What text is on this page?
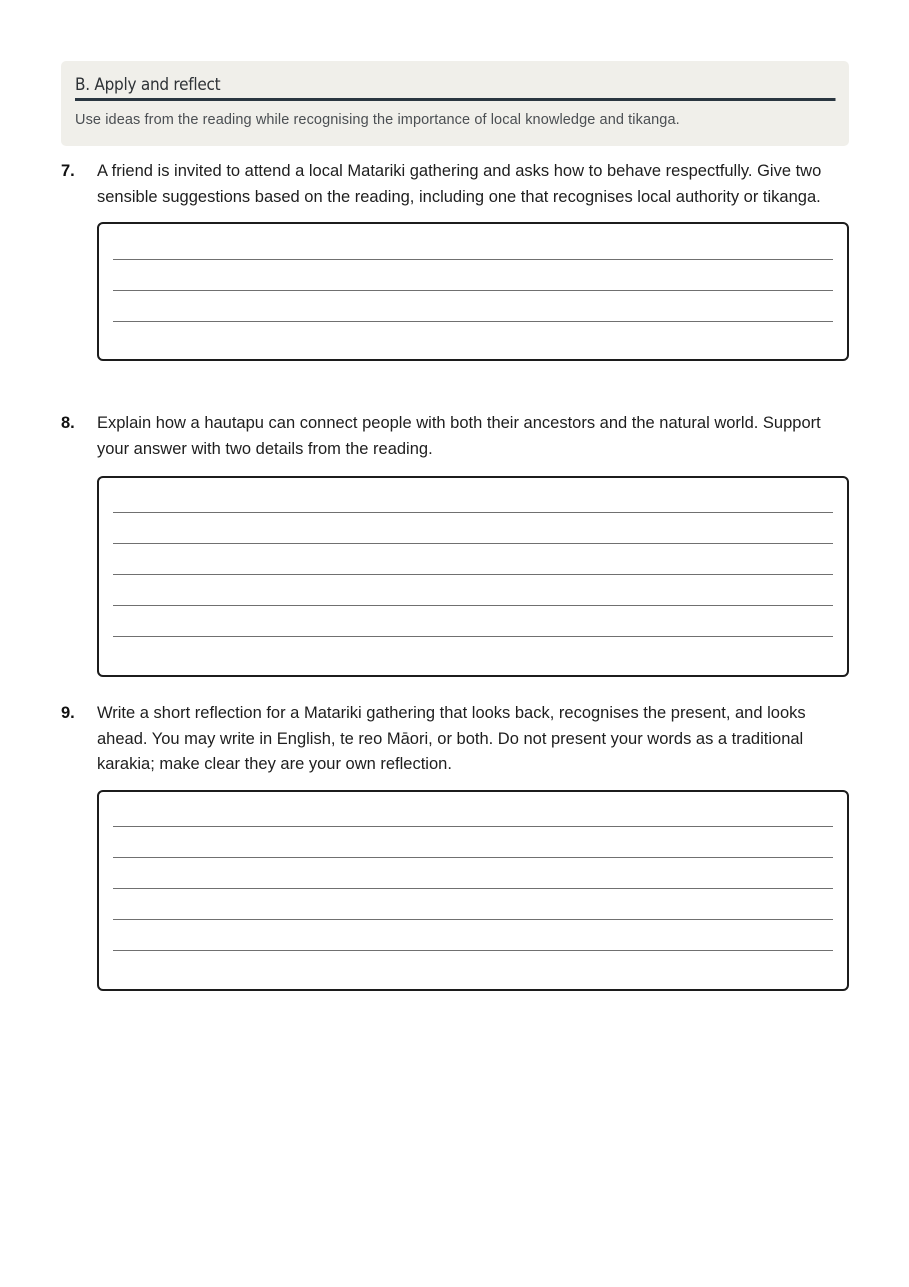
B. Apply and reflect
Use ideas from the reading while recognising the importance of local knowledge and tikanga.
7.	A friend is invited to attend a local Matariki gathering and asks how to behave respectfully. Give two sensible suggestions based on the reading, including one that recognises local authority or tikanga.
8.	Explain how a hautapu can connect people with both their ancestors and the natural world. Support your answer with two details from the reading.
9.	Write a short reflection for a Matariki gathering that looks back, recognises the present, and looks ahead. You may write in English, te reo Māori, or both. Do not present your words as a traditional karakia; make clear they are your own reflection.
